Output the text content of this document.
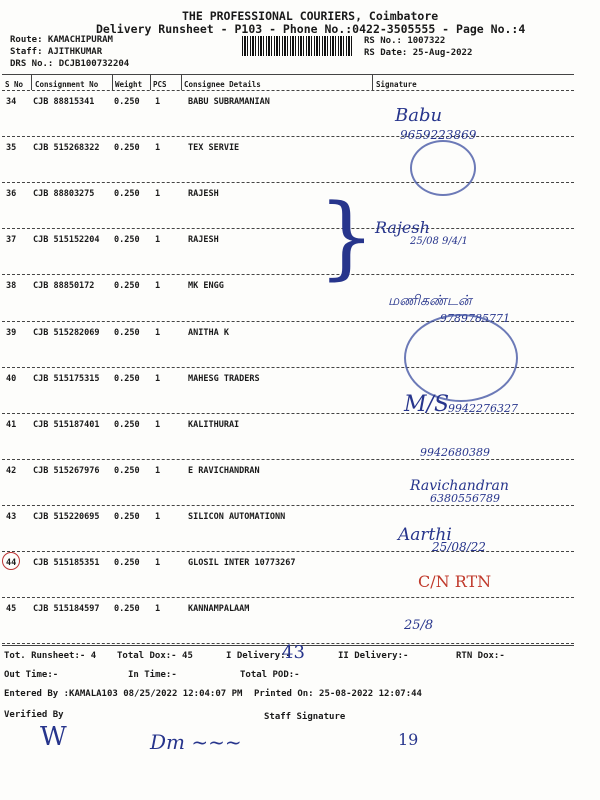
THE PROFESSIONAL COURIERS, Coimbatore
Delivery Runsheet - P103 - Phone No.:0422-3505555 - Page No.:4
Route: KAMACHIPURAM
Staff: AJITHKUMAR
DRS No.: DCJB100732204
RS No.: 1007322
RS Date: 25-Aug-2022
S No Consignment No Weight PCS Consignee Details	Signature
34 CJB 88815341 0.250 1	BABU SUBRAMANIAN
35 CJB 515268322 0.250 1	TEX SERVIE
36 CJB 88803275 0.250 1	RAJESH
37 CJB 515152204 0.250 1	RAJESH
38 CJB 88850172 0.250 1	MK ENGG
39 CJB 515282069 0.250 1	ANITHA K
40 CJB 515175315 0.250 1	MAHESG TRADERS
41 CJB 515187401 0.250 1	KALITHURAI
42 CJB 515267976 0.250 1	E RAVICHANDRAN
43 CJB 515220695 0.250 1	SILICON AUTOMATIONN
44 CJB 515185351 0.250 1	GLOSIL INTER 10773267
45 CJB 515184597 0.250 1	KANNAMPALAAM
Babu
9659223869
Rajesh
25/08 9/4/1
}
மணிகண்டன்
9789785771
M/S
9942276327
9942680389
Ravichandran
6380556789
Aarthi
25/08/22
C/N RTN
25/8
Tot. Runsheet:- 4 Total Dox:- 45	I Delivery:-
43	II Delivery:-	RTN Dox:-
Out Time:-	In Time:-	Total POD:-
Entered By :KAMALA103 08/25/2022 12:04:07 PM Printed On: 25-08-2022 12:07:44
Verified By	Staff Signature
W	Dm ~~~	19
